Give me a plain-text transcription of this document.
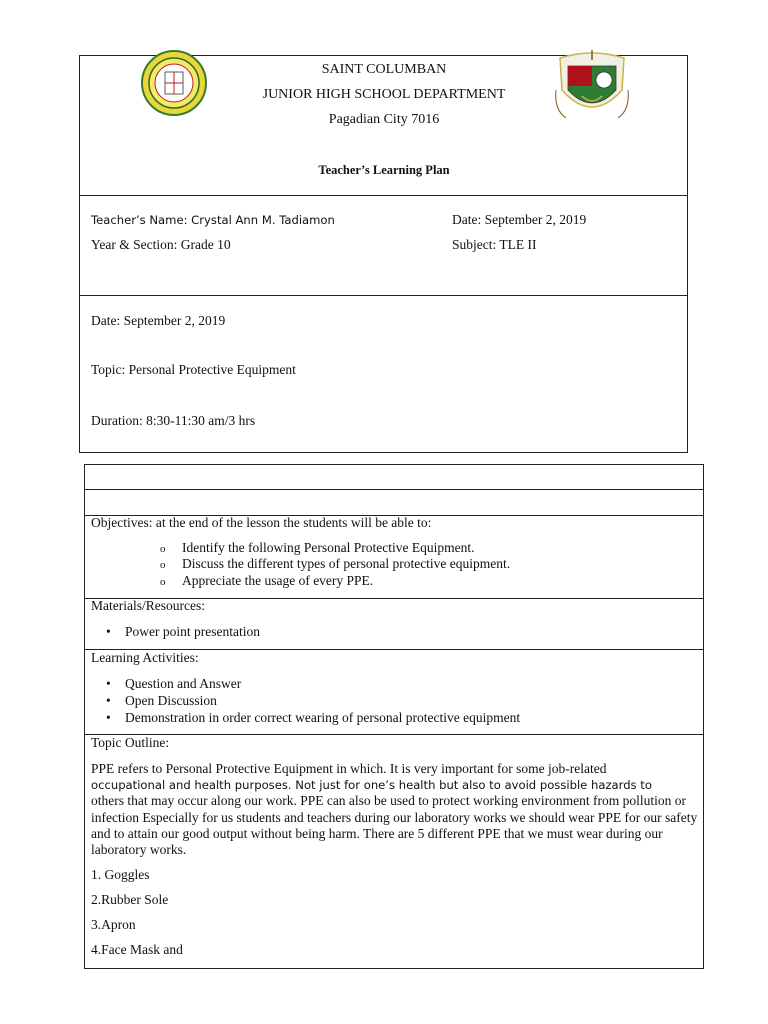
SAINT COLUMBAN
JUNIOR HIGH SCHOOL DEPARTMENT
Pagadian City 7016
Teacher’s Learning Plan
Teacher’s Name: Crystal Ann M. Tadiamon	Date: September 2, 2019
Year & Section: Grade 10	Subject: TLE II
Date: September 2, 2019
Topic: Personal Protective Equipment
Duration: 8:30-11:30 am/3 hrs
Objectives: at the end of the lesson the students will be able to:
o Identify the following Personal Protective Equipment.
o Discuss the different types of personal protective equipment.
o Appreciate the usage of every PPE.
Materials/Resources:
• Power point presentation
Learning Activities:
• Question and Answer
• Open Discussion
• Demonstration in order correct wearing of personal protective equipment
Topic Outline:
PPE refers to Personal Protective Equipment in which. It is very important for some job-related
occupational and health purposes. Not just for one’s health but also to avoid possible hazards to
others that may occur along our work. PPE can also be used to protect working environment from pollution or infection Especially for us students and teachers during our laboratory works we should wear PPE for our safety and to attain our good output without being harm. There are 5 different PPE that we must wear during our laboratory works.
1. Goggles
2.Rubber Sole
3.Apron
4.Face Mask and
